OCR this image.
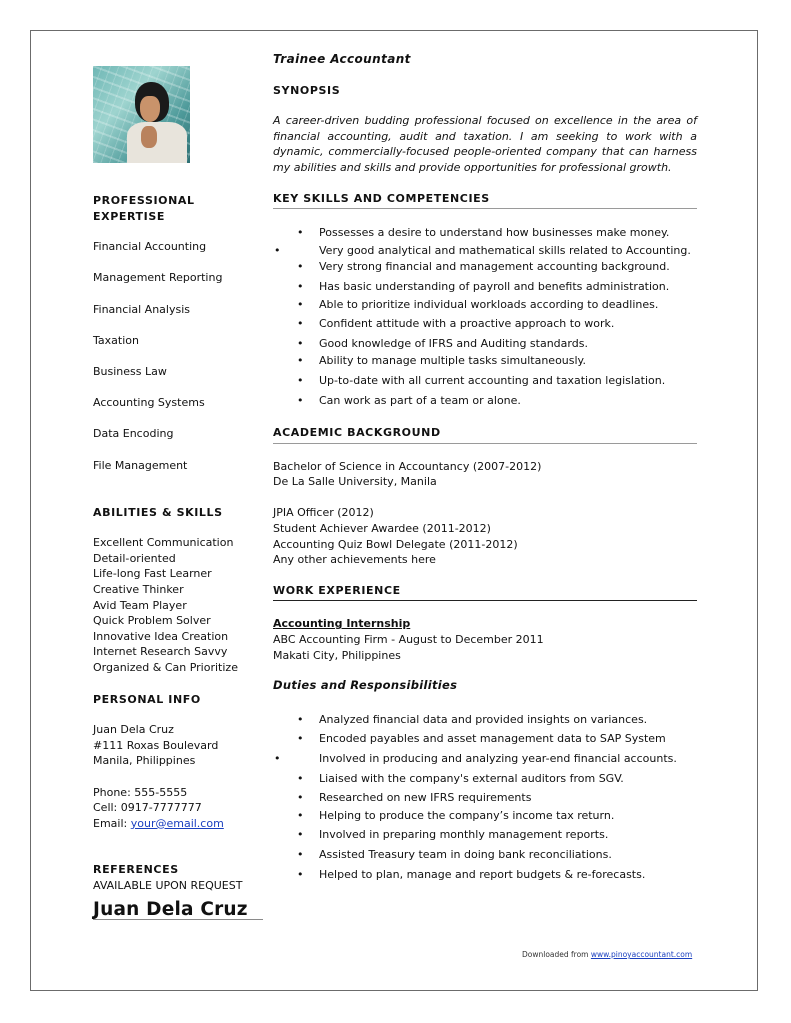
PROFESSIONAL
EXPERTISE
Financial Accounting
Management Reporting
Financial Analysis
Taxation
Business Law
Accounting Systems
Data Encoding
File Management
ABILITIES & SKILLS
Excellent Communication
Detail-oriented
Life-long Fast Learner
Creative Thinker
Avid Team Player
Quick Problem Solver
Innovative Idea Creation
Internet Research Savvy
Organized & Can Prioritize
PERSONAL INFO
Juan Dela Cruz
#111 Roxas Boulevard
Manila, Philippines
Phone: 555-5555
Cell: 0917-7777777
Email: your@email.com
REFERENCES
AVAILABLE UPON REQUEST
Juan Dela Cruz
Trainee Accountant
SYNOPSIS
A career-driven budding professional focused on excellence in the area of financial accounting, audit and taxation. I am seeking to work with a dynamic, commercially-focused people-oriented company that can harness my abilities and skills and provide opportunities for professional growth.
KEY SKILLS AND COMPETENCIES
• Possesses a desire to understand how businesses make money.
•	Very good analytical and mathematical skills related to Accounting.
• Very strong financial and management accounting background.
• Has basic understanding of payroll and benefits administration.
• Able to prioritize individual workloads according to deadlines.
• Confident attitude with a proactive approach to work.
• Good knowledge of IFRS and Auditing standards.
• Ability to manage multiple tasks simultaneously.
• Up-to-date with all current accounting and taxation legislation.
• Can work as part of a team or alone.
ACADEMIC BACKGROUND
Bachelor of Science in Accountancy (2007-2012)
De La Salle University, Manila
JPIA Officer (2012)
Student Achiever Awardee (2011-2012)
Accounting Quiz Bowl Delegate (2011-2012)
Any other achievements here
WORK EXPERIENCE
Accounting Internship
ABC Accounting Firm - August to December 2011
Makati City, Philippines
Duties and Responsibilities
• Analyzed financial data and provided insights on variances.
• Encoded payables and asset management data to SAP System
•	Involved in producing and analyzing year-end financial accounts.
• Liaised with the company's external auditors from SGV.
• Researched on new IFRS requirements
• Helping to produce the company’s income tax return.
• Involved in preparing monthly management reports.
• Assisted Treasury team in doing bank reconciliations.
• Helped to plan, manage and report budgets & re-forecasts.
Downloaded from www.pinoyaccountant.com
